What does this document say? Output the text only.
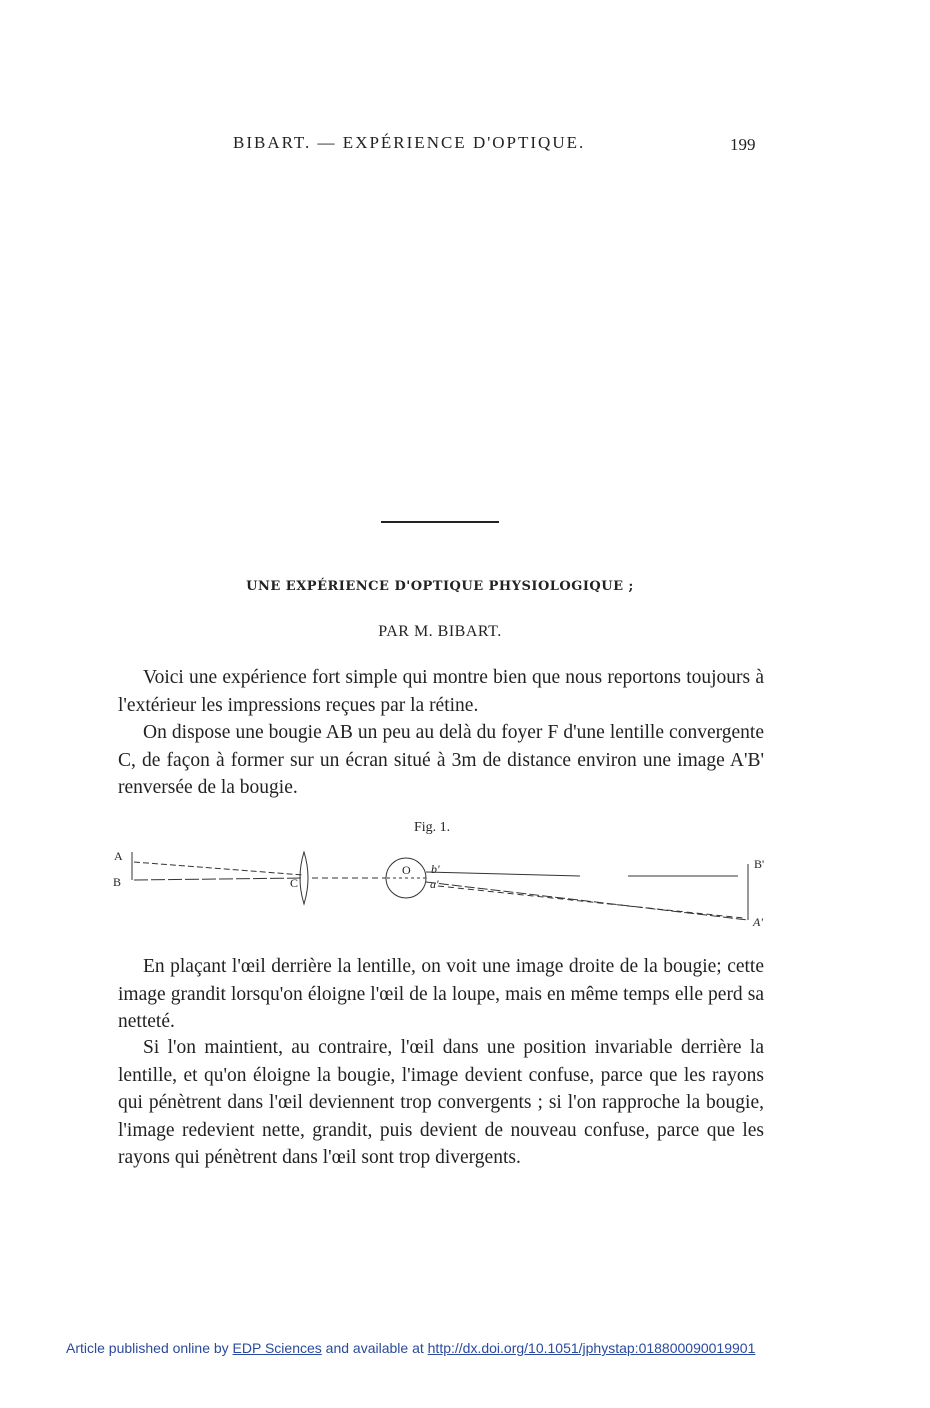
BIBART. — EXPÉRIENCE D'OPTIQUE.	199
UNE EXPÉRIENCE D'OPTIQUE PHYSIOLOGIQUE ;
PAR M. BIBART.
Voici une expérience fort simple qui montre bien que nous reportons toujours à l'extérieur les impressions reçues par la rétine.
On dispose une bougie AB un peu au delà du foyer F d'une lentille convergente C, de façon à former sur un écran situé à 3m de distance environ une image A'B' renversée de la bougie.
Fig. 1.
A
B	C
O b'
a'
B'
A'
En plaçant l'œil derrière la lentille, on voit une image droite de la bougie; cette image grandit lorsqu'on éloigne l'œil de la loupe, mais en même temps elle perd sa netteté.
Si l'on maintient, au contraire, l'œil dans une position invariable derrière la lentille, et qu'on éloigne la bougie, l'image devient confuse, parce que les rayons qui pénètrent dans l'œil deviennent trop convergents ; si l'on rapproche la bougie, l'image redevient nette, grandit, puis devient de nouveau confuse, parce que les rayons qui pénètrent dans l'œil sont trop divergents.
Article published online by EDP Sciences and available at http://dx.doi.org/10.1051/jphystap:018800090019901
